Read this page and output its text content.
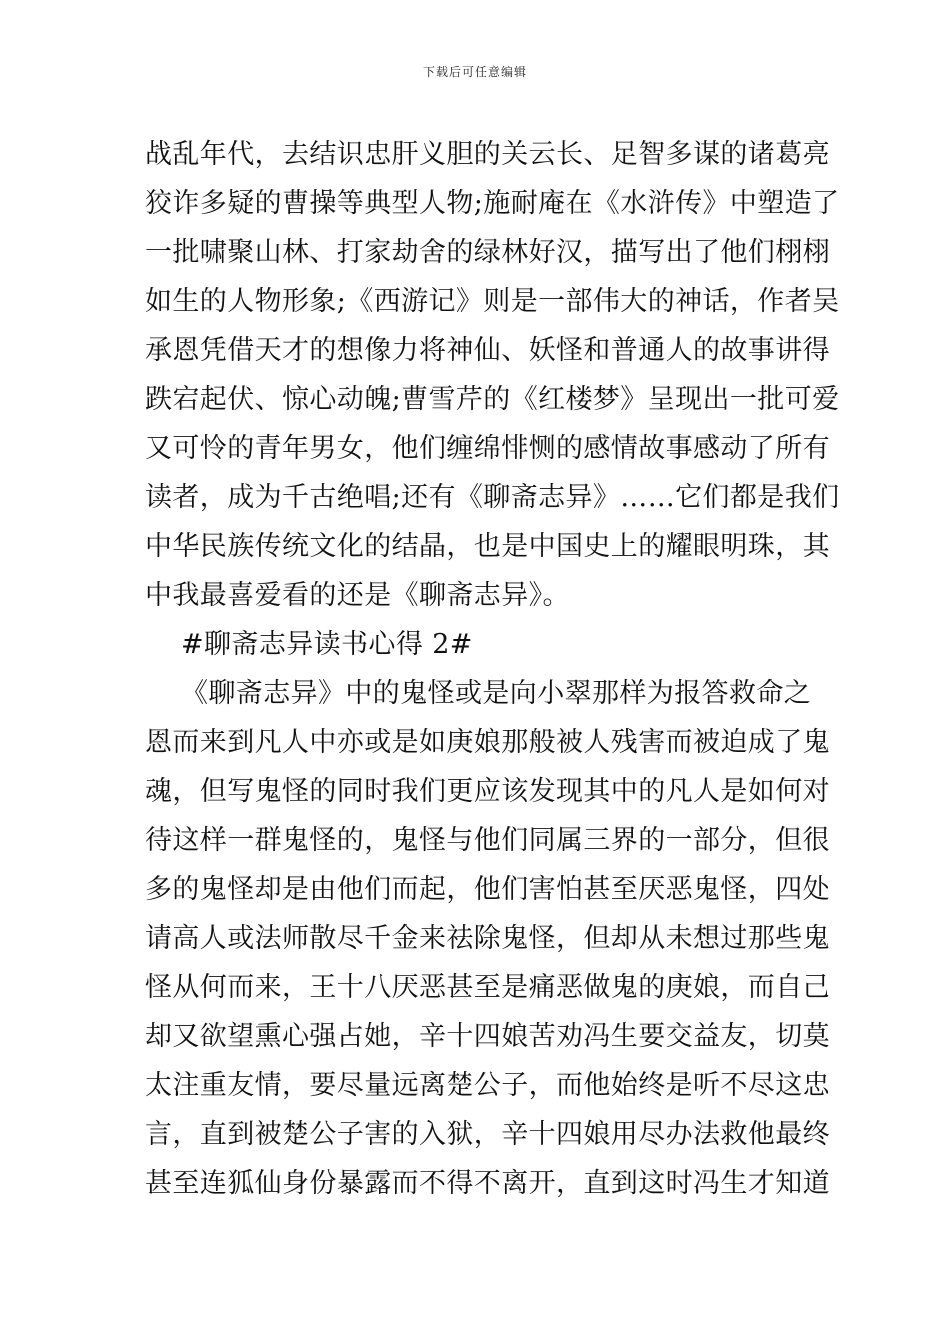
下载后可任意编辑
战乱年代，去结识忠肝义胆的关云长、足智多谋的诸葛亮
狡诈多疑的曹操等典型人物;施耐庵在《水浒传》中塑造了
一批啸聚山林、打家劫舍的绿林好汉，描写出了他们栩栩
如生的人物形象;《西游记》则是一部伟大的神话，作者吴
承恩凭借天才的想像力将神仙、妖怪和普通人的故事讲得
跌宕起伏、惊心动魄;曹雪芹的《红楼梦》呈现出一批可爱
又可怜的青年男女，他们缠绵悱恻的感情故事感动了所有
读者，成为千古绝唱;还有《聊斋志异》……它们都是我们
中华民族传统文化的结晶，也是中国史上的耀眼明珠，其
中我最喜爱看的还是《聊斋志异》。
#聊斋志异读书心得 2#
《聊斋志异》中的鬼怪或是向小翠那样为报答救命之
恩而来到凡人中亦或是如庚娘那般被人残害而被迫成了鬼
魂，但写鬼怪的同时我们更应该发现其中的凡人是如何对
待这样一群鬼怪的，鬼怪与他们同属三界的一部分，但很
多的鬼怪却是由他们而起，他们害怕甚至厌恶鬼怪，四处
请高人或法师散尽千金来祛除鬼怪，但却从未想过那些鬼
怪从何而来，王十八厌恶甚至是痛恶做鬼的庚娘，而自己
却又欲望熏心强占她，辛十四娘苦劝冯生要交益友，切莫
太注重友情，要尽量远离楚公子，而他始终是听不尽这忠
言，直到被楚公子害的入狱，辛十四娘用尽办法救他最终
甚至连狐仙身份暴露而不得不离开，直到这时冯生才知道
